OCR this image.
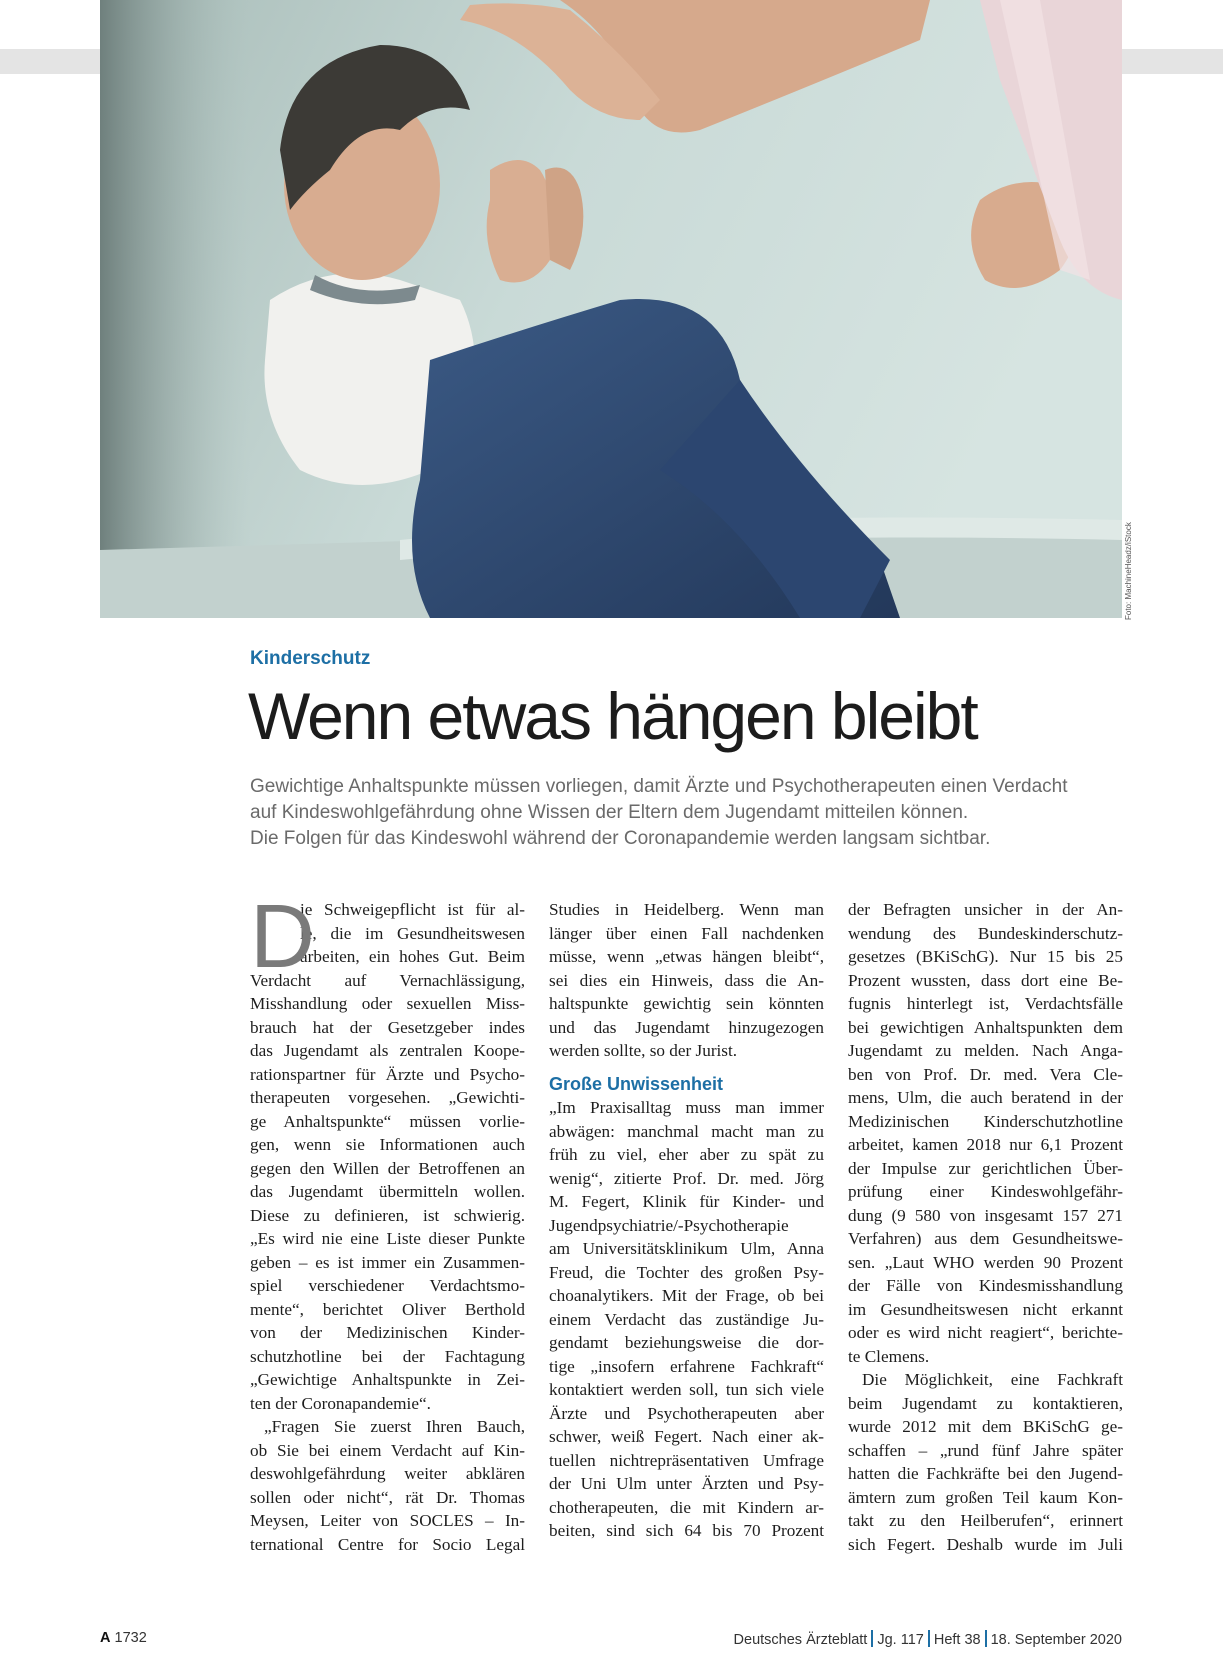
Foto: MachineHeadz/iStock
Kinderschutz
Wenn etwas hängen bleibt
Gewichtige Anhaltspunkte müssen vorliegen, damit Ärzte und Psychotherapeuten einen Verdacht
auf Kindeswohlgefährdung ohne Wissen der Eltern dem Jugendamt mitteilen können.
Die Folgen für das Kindeswohl während der Coronapandemie werden langsam sichtbar.
D
ie Schweigepflicht ist für al-
le, die im Gesundheitswesen
arbeiten, ein hohes Gut. Beim
Verdacht auf Vernachlässigung,
Misshandlung oder sexuellen Miss-
brauch hat der Gesetzgeber indes
das Jugendamt als zentralen Koope-
rationspartner für Ärzte und Psycho-
therapeuten vorgesehen. „Gewichti-
ge Anhaltspunkte“ müssen vorlie-
gen, wenn sie Informationen auch
gegen den Willen der Betroffenen an
das Jugendamt übermitteln wollen.
Diese zu definieren, ist schwierig.
„Es wird nie eine Liste dieser Punkte
geben – es ist immer ein Zusammen-
spiel verschiedener Verdachtsmo-
mente“, berichtet Oliver Berthold
von der Medizinischen Kinder-
schutzhotline bei der Fachtagung
„Gewichtige Anhaltspunkte in Zei-
ten der Coronapandemie“.
„Fragen Sie zuerst Ihren Bauch,
ob Sie bei einem Verdacht auf Kin-
deswohlgefährdung weiter abklären
sollen oder nicht“, rät Dr. Thomas
Meysen, Leiter von SOCLES – In-
ternational Centre for Socio Legal
Studies in Heidelberg. Wenn man
länger über einen Fall nachdenken
müsse, wenn „etwas hängen bleibt“,
sei dies ein Hinweis, dass die An-
haltspunkte gewichtig sein könnten
und das Jugendamt hinzugezogen
werden sollte, so der Jurist.
Große Unwissenheit
„Im Praxisalltag muss man immer
abwägen: manchmal macht man zu
früh zu viel, eher aber zu spät zu
wenig“, zitierte Prof. Dr. med. Jörg
M. Fegert, Klinik für Kinder- und
Jugendpsychiatrie/-Psychotherapie
am Universitätsklinikum Ulm, Anna
Freud, die Tochter des großen Psy-
choanalytikers. Mit der Frage, ob bei
einem Verdacht das zuständige Ju-
gendamt beziehungsweise die dor-
tige „insofern erfahrene Fachkraft“
kontaktiert werden soll, tun sich viele
Ärzte und Psychotherapeuten aber
schwer, weiß Fegert. Nach einer ak-
tuellen nichtrepräsentativen Umfrage
der Uni Ulm unter Ärzten und Psy-
chotherapeuten, die mit Kindern ar-
beiten, sind sich 64 bis 70 Prozent
der Befragten unsicher in der An-
wendung des Bundeskinderschutz-
gesetzes (BKiSchG). Nur 15 bis 25
Prozent wussten, dass dort eine Be-
fugnis hinterlegt ist, Verdachtsfälle
bei gewichtigen Anhaltspunkten dem
Jugendamt zu melden. Nach Anga-
ben von Prof. Dr. med. Vera Cle-
mens, Ulm, die auch beratend in der
Medizinischen Kinderschutzhotline
arbeitet, kamen 2018 nur 6,1 Prozent
der Impulse zur gerichtlichen Über-
prüfung einer Kindeswohlgefähr-
dung (9 580 von insgesamt 157 271
Verfahren) aus dem Gesundheitswe-
sen. „Laut WHO werden 90 Prozent
der Fälle von Kindesmisshandlung
im Gesundheitswesen nicht erkannt
oder es wird nicht reagiert“, berichte-
te Clemens.
Die Möglichkeit, eine Fachkraft
beim Jugendamt zu kontaktieren,
wurde 2012 mit dem BKiSchG ge-
schaffen – „rund fünf Jahre später
hatten die Fachkräfte bei den Jugend-
ämtern zum großen Teil kaum Kon-
takt zu den Heilberufen“, erinnert
sich Fegert. Deshalb wurde im Juli
A 1732	Deutsches Ärzteblatt Jg. 117 Heft 38 18. September 2020
